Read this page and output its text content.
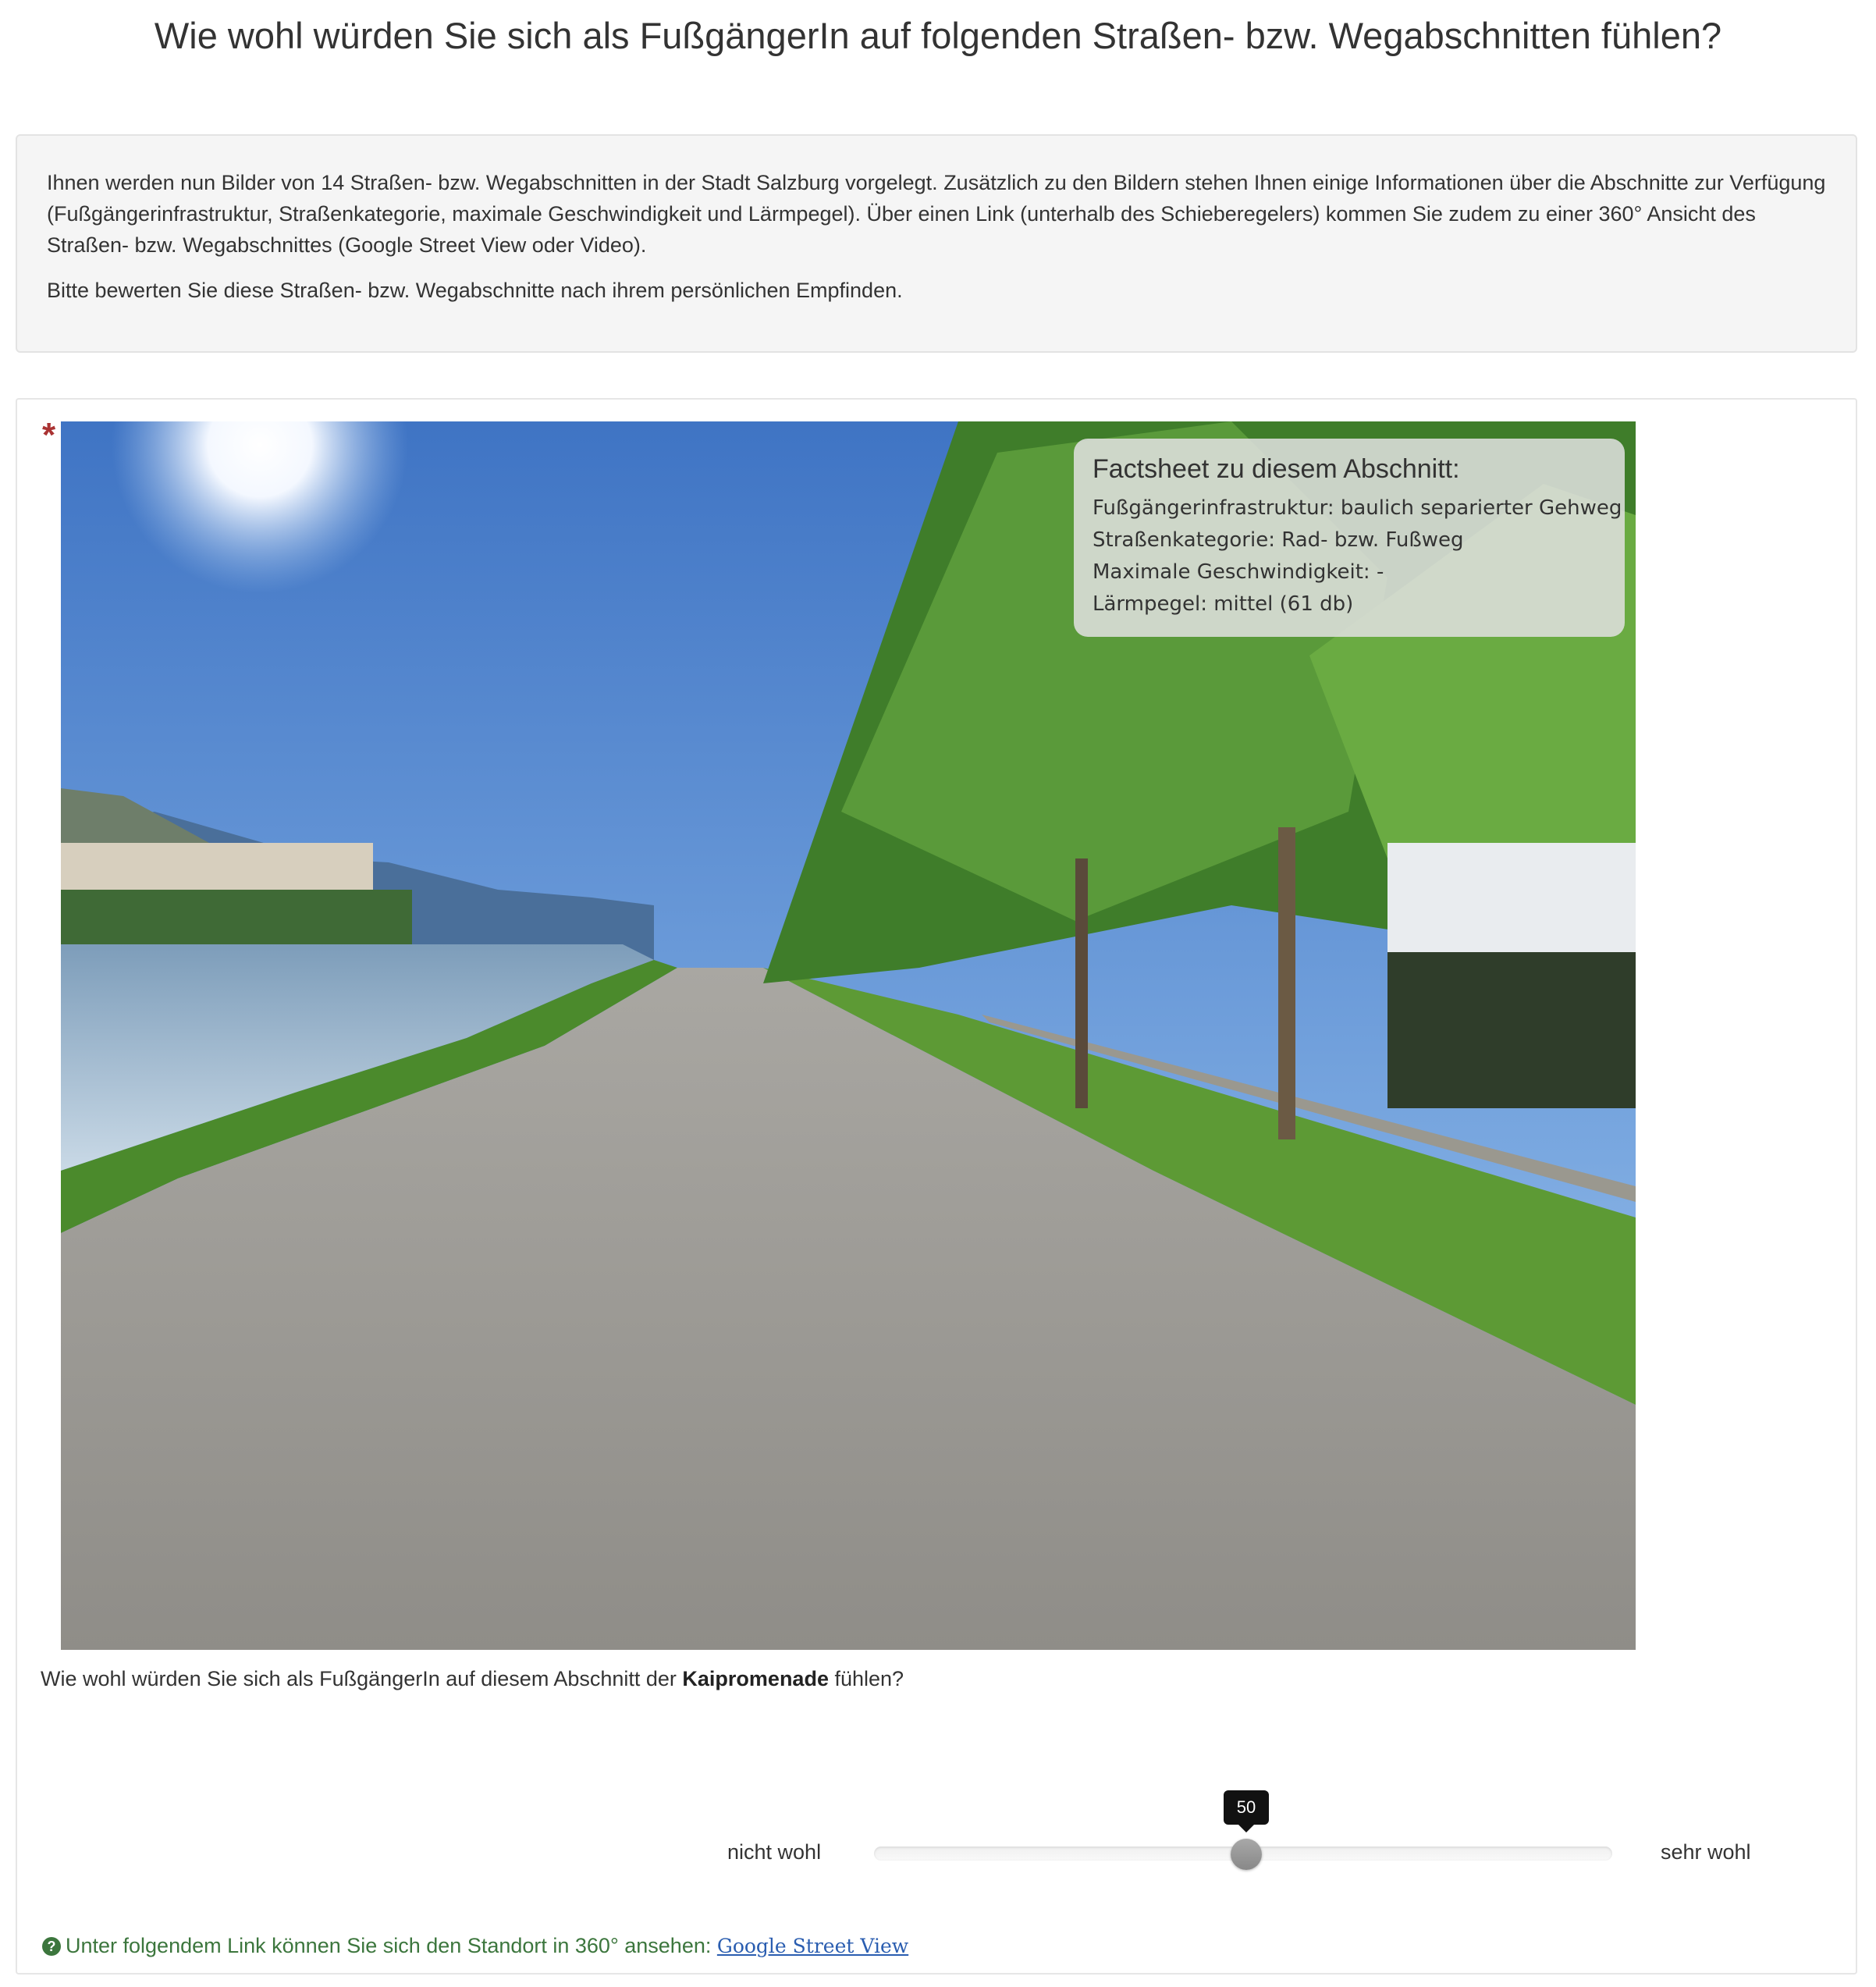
Wie wohl würden Sie sich als FußgängerIn auf folgenden Straßen- bzw. Wegabschnitten fühlen?

Ihnen werden nun Bilder von 14 Straßen- bzw. Wegabschnitten in der Stadt Salzburg vorgelegt. Zusätzlich zu den Bildern stehen Ihnen einige Informationen über die Abschnitte zur Verfügung (Fußgängerinfrastruktur, Straßenkategorie, maximale Geschwindigkeit und Lärmpegel). Über einen Link (unterhalb des Schieberegelers) kommen Sie zudem zu einer 360° Ansicht des Straßen- bzw. Wegabschnittes (Google Street View oder Video).

Bitte bewerten Sie diese Straßen- bzw. Wegabschnitte nach ihrem persönlichen Empfinden.

*
Factsheet zu diesem Abschnitt:
Fußgängerinfrastruktur: baulich separierter Gehweg
Straßenkategorie: Rad- bzw. Fußweg
Maximale Geschwindigkeit: -
Lärmpegel: mittel (61 db)
Wie wohl würden Sie sich als FußgängerIn auf diesem Abschnitt der Kaipromenade fühlen?
nicht wohl
50
sehr wohl
? Unter folgendem Link können Sie sich den Standort in 360° ansehen: Google Street View
